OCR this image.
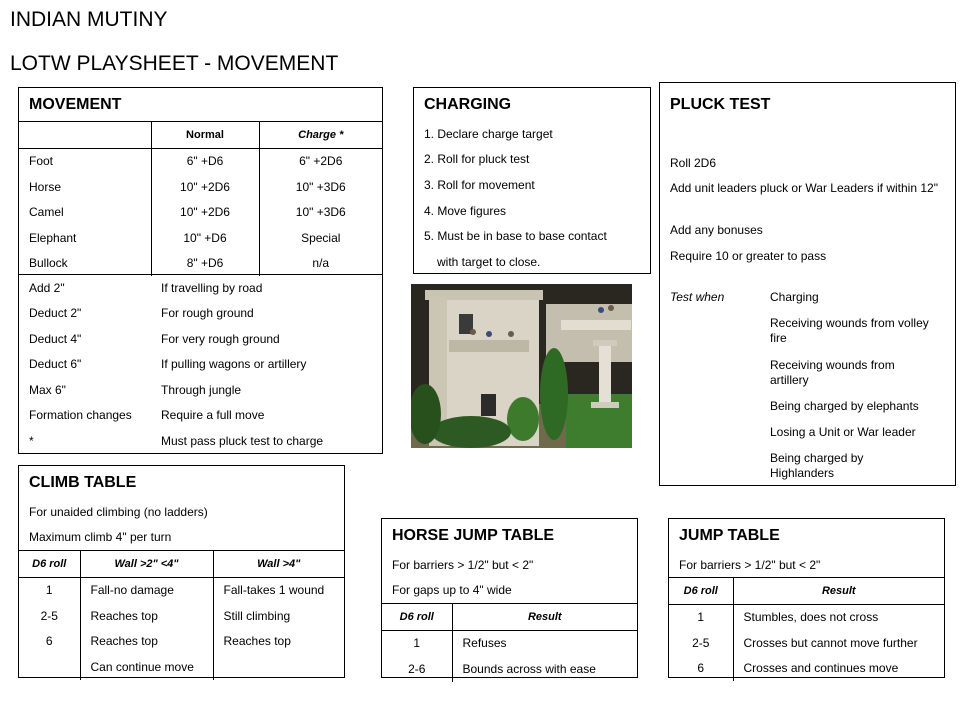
INDIAN MUTINY
LOTW PLAYSHEET - MOVEMENT
MOVEMENT
	Normal	Charge *
Foot	6" +D6	6" +2D6
Horse	10" +2D6	10" +3D6
Camel	10" +2D6	10" +3D6
Elephant	10" +D6	Special
Bullock	8" +D6	n/a
Add 2"	If travelling by road
Deduct 2"	For rough ground
Deduct 4"	For very rough ground
Deduct 6"	If pulling wagons or artillery
Max 6"	Through jungle
Formation changes	Require a full move
*	Must pass pluck test to charge
CHARGING
1. Declare charge target
2. Roll for pluck test
3. Roll for movement
4. Move figures
5. Must be in base to base contact
with target to close.
PLUCK TEST
Roll 2D6
Add unit leaders pluck or War Leaders if within 12"
Add any bonuses
Require 10 or greater to pass
Test when	Charging
Receiving wounds from volley fire
Receiving wounds from artillery
Being charged by elephants
Losing a Unit or War leader
Being charged by Highlanders
CLIMB TABLE
For unaided climbing (no ladders)
Maximum climb 4" per turn
D6 roll	Wall >2" <4"	Wall >4"
1	Fall-no damage	Fall-takes 1 wound
2-5	Reaches top	Still climbing
6	Reaches top	Reaches top
	Can continue move	
HORSE JUMP TABLE
For barriers > 1/2" but < 2"
For gaps up to 4" wide
D6 roll	Result
1	Refuses
2-6	Bounds across with ease
JUMP TABLE
For barriers > 1/2" but < 2"
D6 roll	Result
1	Stumbles, does not cross
2-5	Crosses but cannot move further
6	Crosses and continues move
